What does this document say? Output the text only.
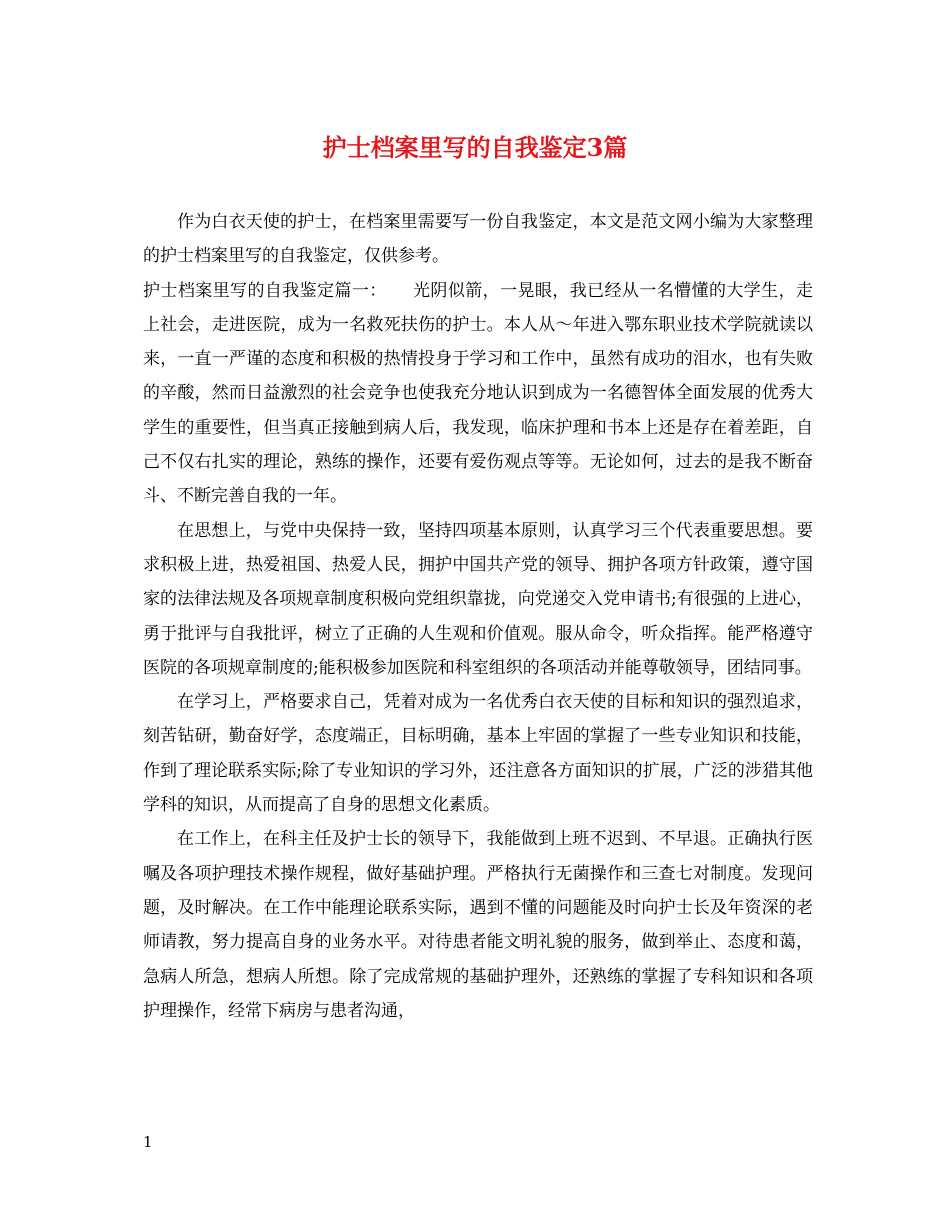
护士档案里写的自我鉴定3篇

作为白衣天使的护士，在档案里需要写一份自我鉴定，本文是范文网小编为大家整理的护士档案里写的自我鉴定，仅供参考。

护士档案里写的自我鉴定篇一：　　光阴似箭，一晃眼，我已经从一名懵懂的大学生，走上社会，走进医院，成为一名救死扶伤的护士。本人从～年进入鄂东职业技术学院就读以来，一直一严谨的态度和积极的热情投身于学习和工作中，虽然有成功的泪水，也有失败的辛酸，然而日益激烈的社会竞争也使我充分地认识到成为一名德智体全面发展的优秀大学生的重要性，但当真正接触到病人后，我发现，临床护理和书本上还是存在着差距，自己不仅右扎实的理论，熟练的操作，还要有爱伤观点等等。无论如何，过去的是我不断奋斗、不断完善自我的一年。

在思想上，与党中央保持一致，坚持四项基本原则，认真学习三个代表重要思想。要求积极上进，热爱祖国、热爱人民，拥护中国共产党的领导、拥护各项方针政策，遵守国家的法律法规及各项规章制度积极向党组织靠拢，向党递交入党申请书;有很强的上进心，勇于批评与自我批评，树立了正确的人生观和价值观。服从命令，听众指挥。能严格遵守医院的各项规章制度的;能积极参加医院和科室组织的各项活动并能尊敬领导，团结同事。

在学习上，严格要求自己，凭着对成为一名优秀白衣天使的目标和知识的强烈追求，刻苦钻研，勤奋好学，态度端正，目标明确，基本上牢固的掌握了一些专业知识和技能，作到了理论联系实际;除了专业知识的学习外，还注意各方面知识的扩展，广泛的涉猎其他学科的知识，从而提高了自身的思想文化素质。

在工作上，在科主任及护士长的领导下，我能做到上班不迟到、不早退。正确执行医嘱及各项护理技术操作规程，做好基础护理。严格执行无菌操作和三查七对制度。发现问题，及时解决。在工作中能理论联系实际，遇到不懂的问题能及时向护士长及年资深的老师请教，努力提高自身的业务水平。对待患者能文明礼貌的服务，做到举止、态度和蔼，急病人所急，想病人所想。除了完成常规的基础护理外，还熟练的掌握了专科知识和各项护理操作，经常下病房与患者沟通，

1
